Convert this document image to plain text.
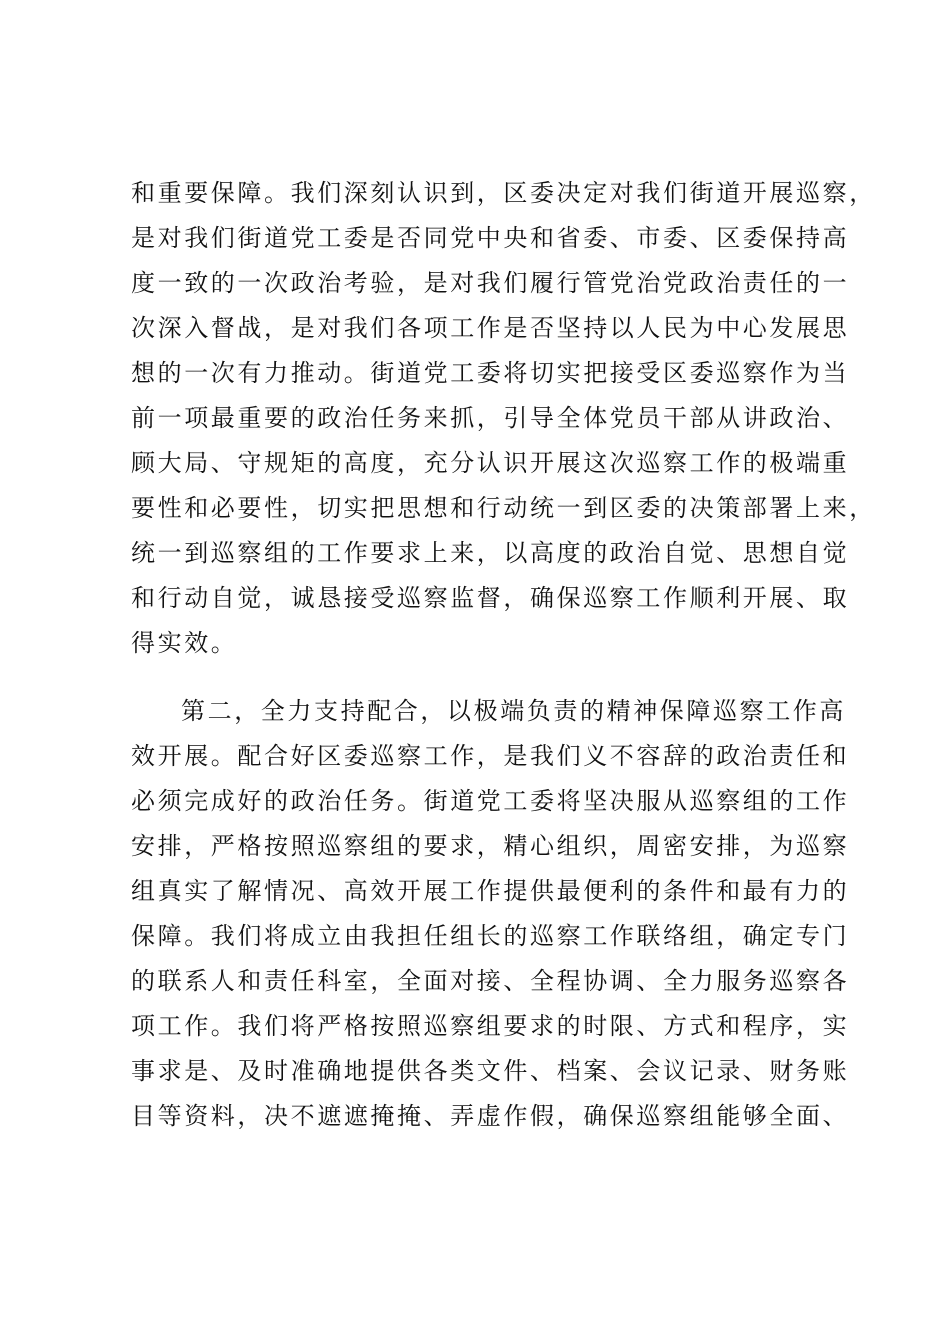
和重要保障。我们深刻认识到，区委决定对我们街道开展巡察，
是对我们街道党工委是否同党中央和省委、市委、区委保持高
度一致的一次政治考验，是对我们履行管党治党政治责任的一
次深入督战，是对我们各项工作是否坚持以人民为中心发展思
想的一次有力推动。街道党工委将切实把接受区委巡察作为当
前一项最重要的政治任务来抓，引导全体党员干部从讲政治、
顾大局、守规矩的高度，充分认识开展这次巡察工作的极端重
要性和必要性，切实把思想和行动统一到区委的决策部署上来，
统一到巡察组的工作要求上来，以高度的政治自觉、思想自觉
和行动自觉，诚恳接受巡察监督，确保巡察工作顺利开展、取
得实效。
第二，全力支持配合，以极端负责的精神保障巡察工作高
效开展。配合好区委巡察工作，是我们义不容辞的政治责任和
必须完成好的政治任务。街道党工委将坚决服从巡察组的工作
安排，严格按照巡察组的要求，精心组织，周密安排，为巡察
组真实了解情况、高效开展工作提供最便利的条件和最有力的
保障。我们将成立由我担任组长的巡察工作联络组，确定专门
的联系人和责任科室，全面对接、全程协调、全力服务巡察各
项工作。我们将严格按照巡察组要求的时限、方式和程序，实
事求是、及时准确地提供各类文件、档案、会议记录、财务账
目等资料，决不遮遮掩掩、弄虚作假，确保巡察组能够全面、
